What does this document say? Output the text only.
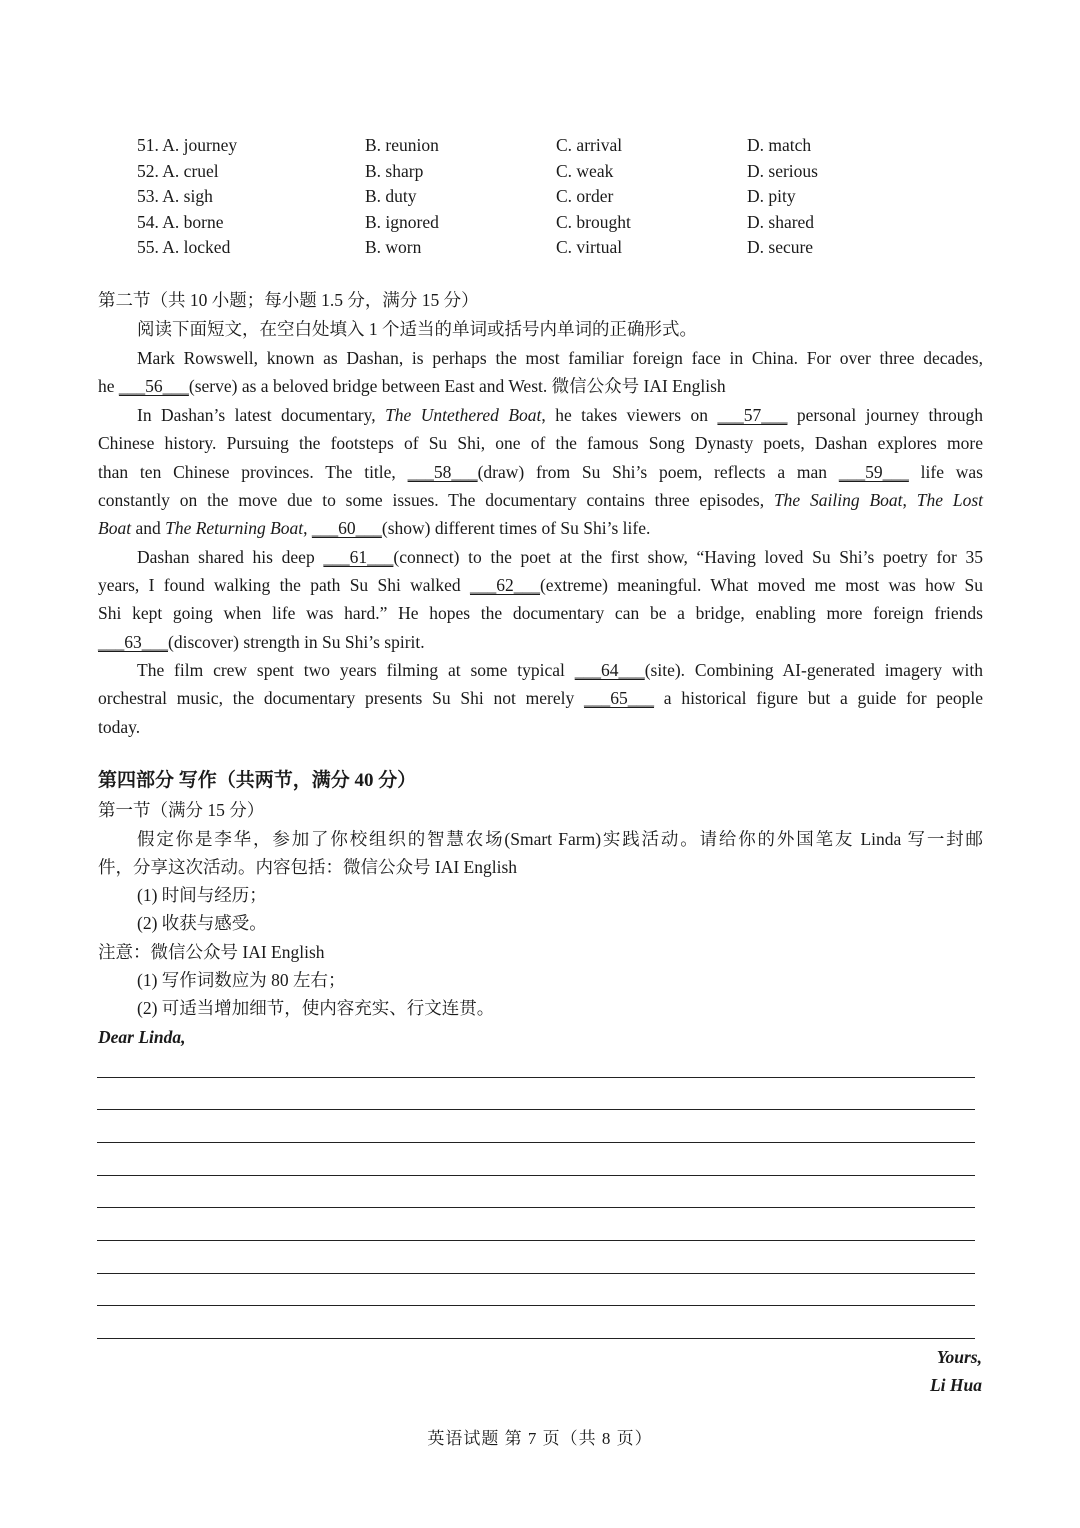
51. A. journey	B. reunion	C. arrival	D. match
52. A. cruel	B. sharp	C. weak	D. serious
53. A. sigh	B. duty	C. order	D. pity
54. A. borne	B. ignored	C. brought	D. shared
55. A. locked	B. worn	C. virtual	D. secure
第二节（共 10 小题；每小题 1.5 分，满分 15 分）
阅读下面短文，在空白处填入 1 个适当的单词或括号内单词的正确形式。
Mark Rowswell, known as Dashan, is perhaps the most familiar foreign face in China. For over three decades,
he ___56___(serve) as a beloved bridge between East and West. 微信公众号 IAI English
In Dashan’s latest documentary, The Untethered Boat, he takes viewers on ___57___ personal journey through
Chinese history. Pursuing the footsteps of Su Shi, one of the famous Song Dynasty poets, Dashan explores more
than ten Chinese provinces. The title, ___58___(draw) from Su Shi’s poem, reflects a man ___59___ life was
constantly on the move due to some issues. The documentary contains three episodes, The Sailing Boat, The Lost
Boat and The Returning Boat, ___60___(show) different times of Su Shi’s life.
Dashan shared his deep ___61___(connect) to the poet at the first show, “Having loved Su Shi’s poetry for 35
years, I found walking the path Su Shi walked ___62___(extreme) meaningful. What moved me most was how Su
Shi kept going when life was hard.” He hopes the documentary can be a bridge, enabling more foreign friends
___63___(discover) strength in Su Shi’s spirit.
The film crew spent two years filming at some typical ___64___(site). Combining AI-generated imagery with
orchestral music, the documentary presents Su Shi not merely ___65___ a historical figure but a guide for people
today.
第四部分 写作（共两节，满分 40 分）
第一节（满分 15 分）
假定你是李华，参加了你校组织的智慧农场(Smart Farm)实践活动。请给你的外国笔友 Linda 写一封邮
件，分享这次活动。内容包括：微信公众号 IAI English
(1) 时间与经历；
(2) 收获与感受。
注意：微信公众号 IAI English
(1) 写作词数应为 80 左右；
(2) 可适当增加细节，使内容充实、行文连贯。
Dear Linda,
Yours,
Li Hua
英语试题 第 7 页（共 8 页）
